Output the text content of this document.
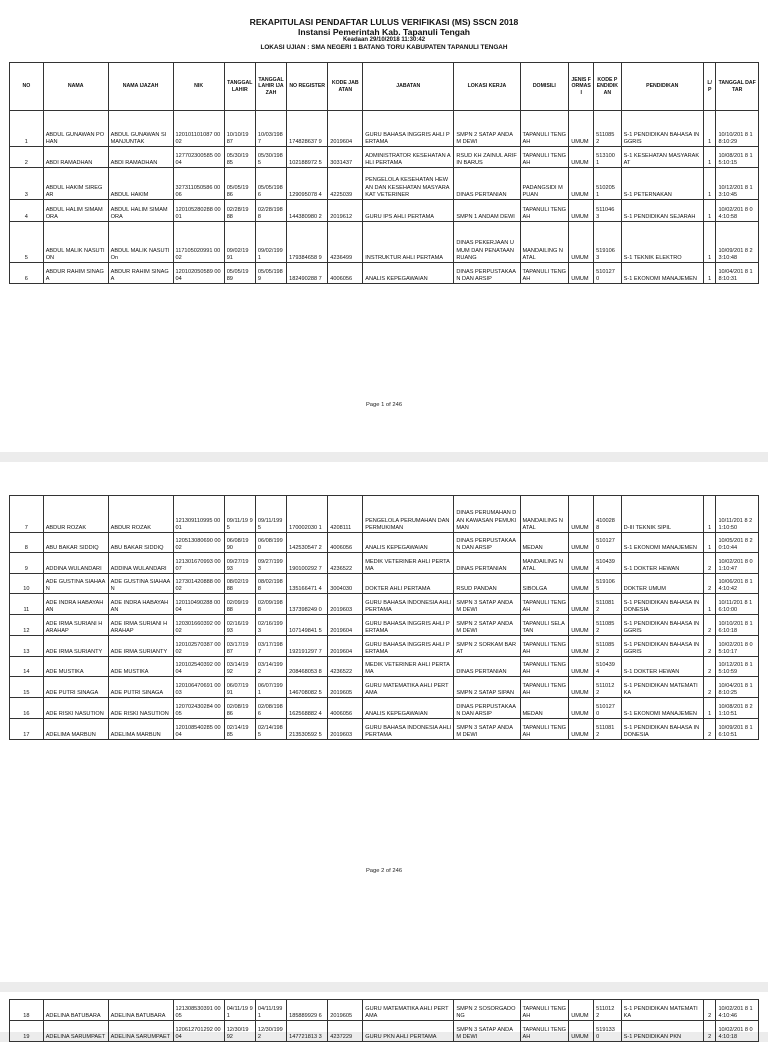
REKAPITULASI PENDAFTAR LULUS VERIFIKASI (MS) SSCN 2018
Instansi Pemerintah Kab. Tapanuli Tengah
Keadaan 29/10/2018 11:30:42
LOKASI UJIAN : SMA NEGERI 1 BATANG TORU KABUPATEN TAPANULI TENGAH
NO	NAMA	NAMA IJAZAH	NIK	TANGGAL LAHIR	TANGGAL LAHIR IJAZAH	NO REGISTER	KODE JABATAN	JABATAN	LOKASI KERJA	DOMISILI	JENIS FORMASI	KODE PENDIDIKAN	PENDIDIKAN	L/P	TANGGAL DAFTAR
1	ABDUL GUNAWAN POHAN	ABDUL GUNAWAN SIMANJUNTAK	120101101087 0002	10/10/19 87	10/03/198 7	174828637 9	2019604	GURU BAHASA INGGRIS AHLI PERTAMA	SMPN 2 SATAP ANDAM DEWI	TAPANULI TENGAH	UMUM	511085 2	S-1 PENDIDIKAN BAHASA INGGRIS	1	10/10/201 8 18:10:29
2	ABDI RAMADHAN	ABDI RAMADHAN	127702300585 0004	05/30/19 85	05/30/198 5	102188972 5	3031437	ADMINISTRATOR KESEHATAN AHLI PERTAMA	RSUD KH ZAINUL ARIFIN BARUS	TAPANULI TENGAH	UMUM	513100 1	S-1 KESEHATAN MASYARAKAT	1	10/08/201 8 15:10:15
3	ABDUL HAKIM SIREGAR	ABDUL HAKIM	327311050586 0006	05/05/19 86	05/05/198 6	129095078 4	4225039	PENGELOLA KESEHATAN HEWAN DAN KESEHATAN MASYARAKAT VETERINER	DINAS PERTANIAN	PADANGSIDI MPUAN	UMUM	510205 1	S-1 PETERNAKAN	1	10/12/201 8 13:10:45
4	ABDUL HALIM SIMAMORA	ABDUL HALIM SIMAMORA	120105280288 0001	02/28/19 88	02/28/198 8	144380980 2	2019612	GURU IPS AHLI PERTAMA	SMPN 1 ANDAM DEWI	TAPANULI TENGAH	UMUM	511046 3	S-1 PENDIDIKAN SEJARAH	1	10/02/201 8 04:10:58
5	ABDUL MALIK NASUTION	ABDUL MALIK NASUTIOn	117105020991 0002	09/02/19 91	09/02/199 1	179384658 9	4236499	INSTRUKTUR AHLI PERTAMA	DINAS PEKERJAAN UMUM DAN PENATAAN RUANG	MANDAILING NATAL	UMUM	519106 3	S-1 TEKNIK ELEKTRO	1	10/09/201 8 23:10:48
6	ABDUR RAHIM SINAGA	ABDUR RAHIM SINAGA	120102050589 0004	05/05/19 89	05/05/198 9	182490288 7	4006056	ANALIS KEPEGAWAIAN	DINAS PERPUSTAKAAN DAN ARSIP	TAPANULI TENGAH	UMUM	510127 0	S-1 EKONOMI MANAJEMEN	1	10/04/201 8 18:10:31
Page 1 of 246
7	ABDUR ROZAK	ABDUR ROZAK	121309110995 0001	09/11/19 95	09/11/199 5	170002030 1	4208111	PENGELOLA PERUMAHAN DAN PERMUKIMAN	DINAS PERUMAHAN DAN KAWASAN PEMUKIMAN	MANDAILING NATAL	UMUM	410028 8	D-III TEKNIK SIPIL	1	10/11/201 8 21:10:50
8	ABU BAKAR SIDDIQ	ABU BAKAR SIDDIQ	120513080690 0002	06/08/19 90	06/08/199 0	142530547 2	4006056	ANALIS KEPEGAWAIAN	DINAS PERPUSTAKAAN DAN ARSIP	MEDAN	UMUM	510127 0	S-1 EKONOMI MANAJEMEN	1	10/05/201 8 20:10:44
9	ADDINA WULANDARI	ADDINA WULANDARI	121301670993 0007	09/27/19 93	09/27/199 3	190100292 7	4236522	MEDIK VETERINER AHLI PERTAMA	DINAS PERTANIAN	MANDAILING NATAL	UMUM	510439 4	S-1 DOKTER HEWAN	2	10/02/201 8 01:10:47
10	ADE GUSTINA SIAHAAN	ADE GUSTINA SIAHAAN	127301420888 0002	08/02/19 88	08/02/198 8	135166471 4	3004030	DOKTER AHLI PERTAMA	RSUD PANDAN	SIBOLGA	UMUM	519106 5	DOKTER UMUM	2	10/06/201 8 14:10:42
11	ADE INDRA HABAYAHAN	ADE INDRA HABAYAHAN	120110490288 0004	02/09/19 88	02/09/198 8	137398249 0	2019603	GURU BAHASA INDONESIA AHLI PERTAMA	SMPN 3 SATAP ANDAM DEWI	TAPANULI TENGAH	UMUM	511081 2	S-1 PENDIDIKAN BAHASA INDONESIA	1	10/11/201 8 16:10:00
12	ADE IRMA SURIANI HARAHAP	ADE IRMA SURIANI HARAHAP	120301660392 0002	02/16/19 93	02/16/199 3	107149841 5	2019604	GURU BAHASA INGGRIS AHLI PERTAMA	SMPN 2 SATAP ANDAM DEWI	TAPANULI SELATAN	UMUM	511085 2	S-1 PENDIDIKAN BAHASA INGGRIS	2	10/10/201 8 16:10:18
13	ADE IRMA SURIANTY	ADE IRMA SURIANTY	120102570387 0002	03/17/19 87	03/17/198 7	192191297 7	2019604	GURU BAHASA INGGRIS AHLI PERTAMA	SMPN 2 SORKAM BARAT	TAPANULI TENGAH	UMUM	511085 2	S-1 PENDIDIKAN BAHASA INGGRIS	2	10/02/201 8 05:10:17
14	ADE MUSTIKA	ADE MUSTIKA	120102540392 0004	03/14/19 92	03/14/199 2	208468053 8	4236522	MEDIK VETERINER AHLI PERTAMA	DINAS PERTANIAN	TAPANULI TENGAH	UMUM	510439 4	S-1 DOKTER HEWAN	2	10/12/201 8 15:10:59
15	ADE PUTRI SINAGA	ADE PUTRI SINAGA	120106470691 0003	06/07/19 91	06/07/199 1	146708082 5	2019605	GURU MATEMATIKA AHLI PERTAMA	SMPN 2 SATAP SIPAN	TAPANULI TENGAH	UMUM	511012 2	S-1 PENDIDIKAN MATEMATIKA	2	10/04/201 8 18:10:25
16	ADE RISKI NASUTION	ADE RISKI NASUTION	120702430284 0005	02/08/19 86	02/08/198 6	162568882 4	4006056	ANALIS KEPEGAWAIAN	DINAS PERPUSTAKAAN DAN ARSIP	MEDAN	UMUM	510127 0	S-1 EKONOMI MANAJEMEN	1	10/08/201 8 21:10:51
17	ADELIMA MARBUN	ADELIMA MARBUN	120108540285 0004	02/14/19 85	02/14/198 5	213530592 5	2019603	GURU BAHASA INDONESIA AHLI PERTAMA	SMPN 3 SATAP ANDAM DEWI	TAPANULI TENGAH	UMUM	511081 2	S-1 PENDIDIKAN BAHASA INDONESIA	2	10/09/201 8 16:10:51
Page 2 of 246
18	ADELINA BATUBARA	ADELINA BATUBARA	121308530391 0005	04/11/19 91	04/11/199 1	185889929 6	2019605	GURU MATEMATIKA AHLI PERTAMA	SMPN 2 SOSORGADONG	TAPANULI TENGAH	UMUM	511012 2	S-1 PENDIDIKAN MATEMATIKA	2	10/02/201 8 14:10:46
19	ADELINA SARUMPAET	ADELINA SARUMPAET	120612701292 0004	12/30/19 92	12/30/199 2	147721813 3	4237229	GURU PKN AHLI PERTAMA	SMPN 3 SATAP ANDAM DEWI	TAPANULI TENGAH	UMUM	519133 0	S-1 PENDIDIKAN PKN	2	10/02/201 8 04:10:18
